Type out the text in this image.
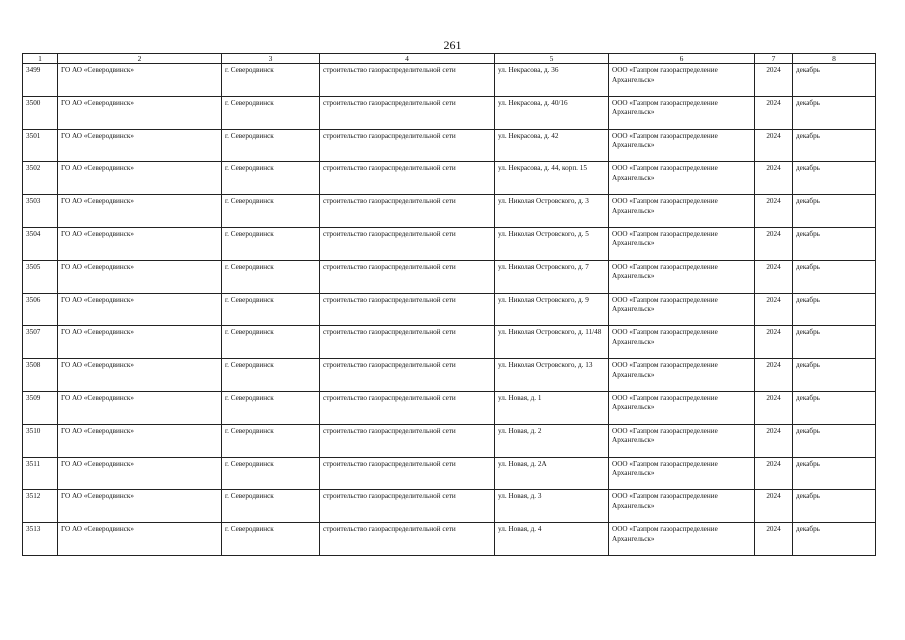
261
1	2	3	4	5	6	7	8
3499	ГО АО «Северодвинск»	г. Северодвинск	строительство газораспределительной сети	ул. Некрасова, д. 36	ООО «Газпром газораспределение Архангельск»	2024	декабрь
3500	ГО АО «Северодвинск»	г. Северодвинск	строительство газораспределительной сети	ул. Некрасова, д. 40/16	ООО «Газпром газораспределение Архангельск»	2024	декабрь
3501	ГО АО «Северодвинск»	г. Северодвинск	строительство газораспределительной сети	ул. Некрасова, д. 42	ООО «Газпром газораспределение Архангельск»	2024	декабрь
3502	ГО АО «Северодвинск»	г. Северодвинск	строительство газораспределительной сети	ул. Некрасова, д. 44, корп. 15	ООО «Газпром газораспределение Архангельск»	2024	декабрь
3503	ГО АО «Северодвинск»	г. Северодвинск	строительство газораспределительной сети	ул. Николая Островского, д. 3	ООО «Газпром газораспределение Архангельск»	2024	декабрь
3504	ГО АО «Северодвинск»	г. Северодвинск	строительство газораспределительной сети	ул. Николая Островского, д. 5	ООО «Газпром газораспределение Архангельск»	2024	декабрь
3505	ГО АО «Северодвинск»	г. Северодвинск	строительство газораспределительной сети	ул. Николая Островского, д. 7	ООО «Газпром газораспределение Архангельск»	2024	декабрь
3506	ГО АО «Северодвинск»	г. Северодвинск	строительство газораспределительной сети	ул. Николая Островского, д. 9	ООО «Газпром газораспределение Архангельск»	2024	декабрь
3507	ГО АО «Северодвинск»	г. Северодвинск	строительство газораспределительной сети	ул. Николая Островского, д. 11/48	ООО «Газпром газораспределение Архангельск»	2024	декабрь
3508	ГО АО «Северодвинск»	г. Северодвинск	строительство газораспределительной сети	ул. Николая Островского, д. 13	ООО «Газпром газораспределение Архангельск»	2024	декабрь
3509	ГО АО «Северодвинск»	г. Северодвинск	строительство газораспределительной сети	ул. Новая, д. 1	ООО «Газпром газораспределение Архангельск»	2024	декабрь
3510	ГО АО «Северодвинск»	г. Северодвинск	строительство газораспределительной сети	ул. Новая, д. 2	ООО «Газпром газораспределение Архангельск»	2024	декабрь
3511	ГО АО «Северодвинск»	г. Северодвинск	строительство газораспределительной сети	ул. Новая, д. 2А	ООО «Газпром газораспределение Архангельск»	2024	декабрь
3512	ГО АО «Северодвинск»	г. Северодвинск	строительство газораспределительной сети	ул. Новая, д. 3	ООО «Газпром газораспределение Архангельск»	2024	декабрь
3513	ГО АО «Северодвинск»	г. Северодвинск	строительство газораспределительной сети	ул. Новая, д. 4	ООО «Газпром газораспределение Архангельск»	2024	декабрь
